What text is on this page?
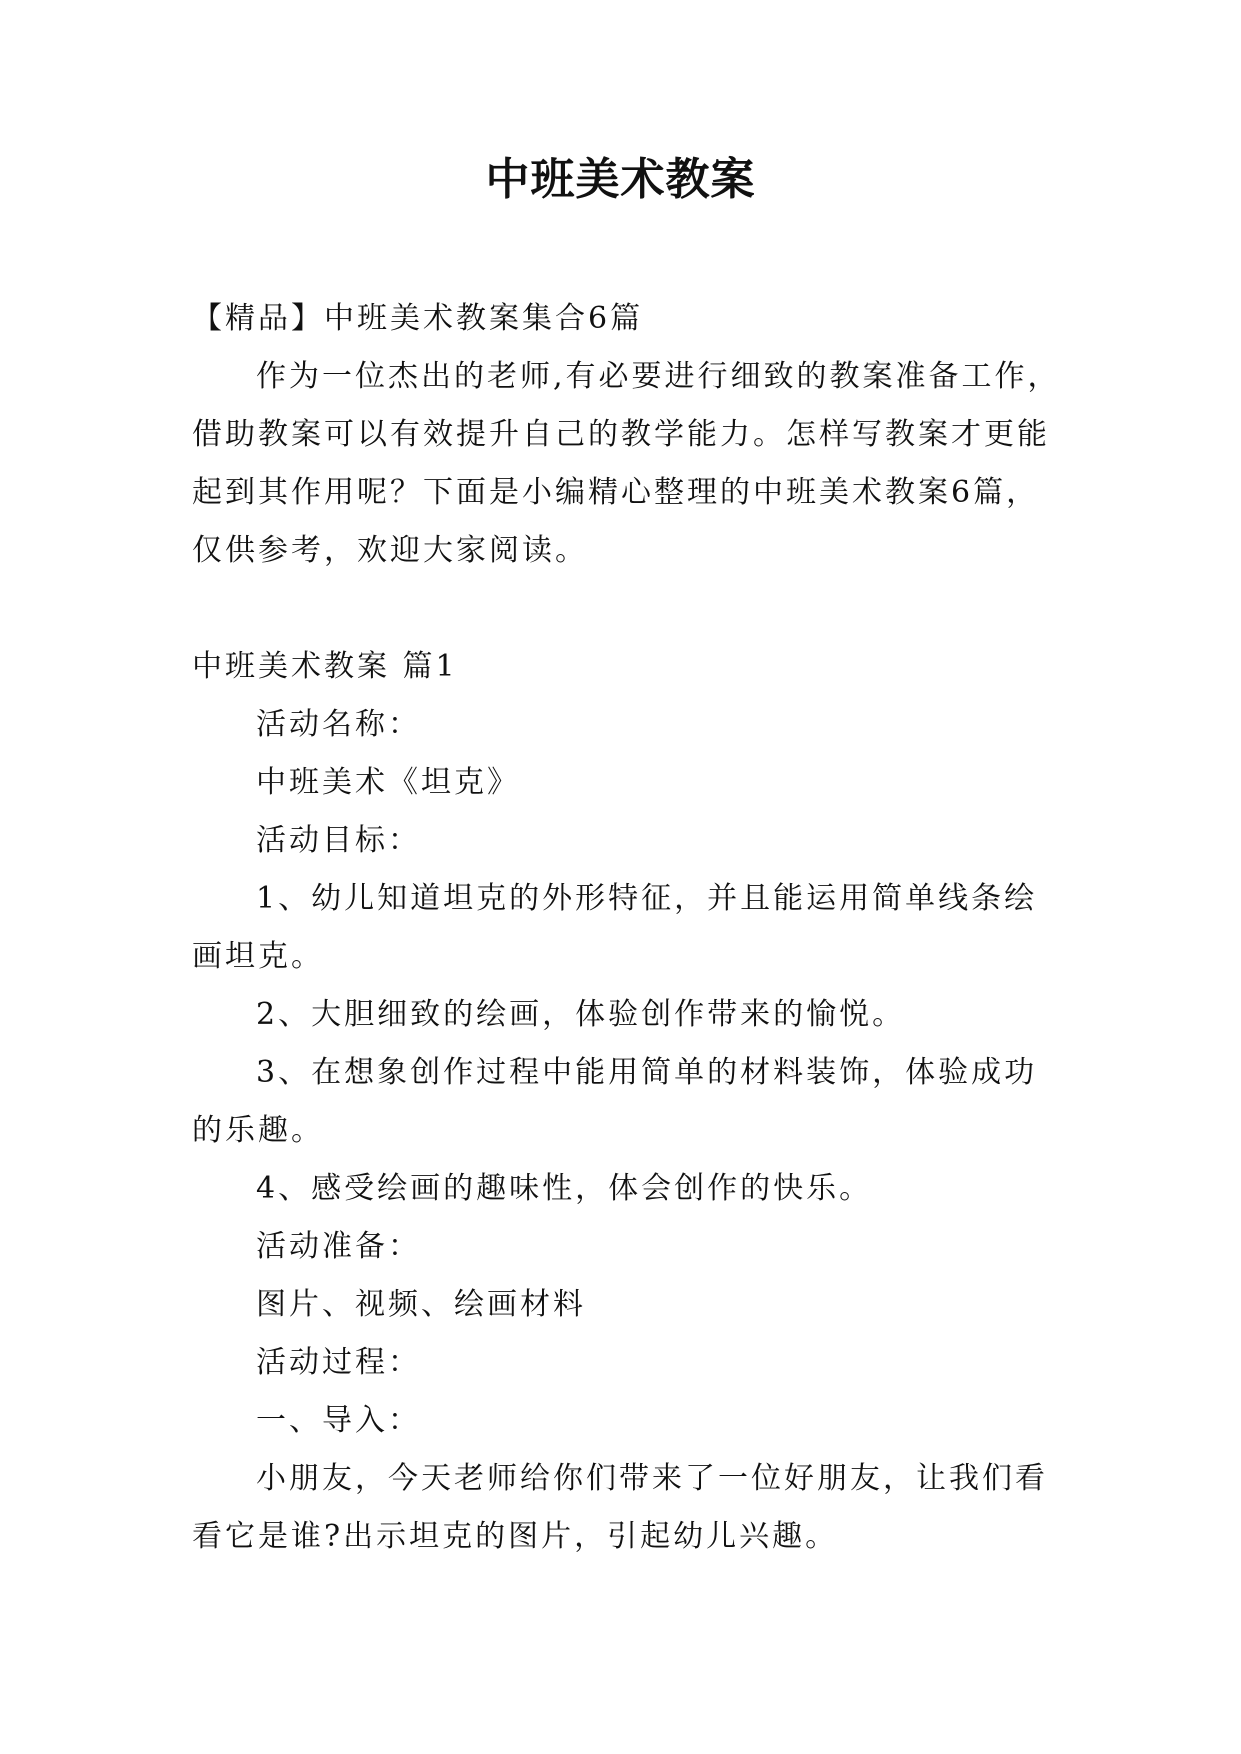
中班美术教案
【精品】中班美术教案集合6篇
作为一位杰出的老师,有必要进行细致的教案准备工作，
借助教案可以有效提升自己的教学能力。怎样写教案才更能
起到其作用呢？下面是小编精心整理的中班美术教案6篇，
仅供参考，欢迎大家阅读。
中班美术教案 篇1
活动名称：
中班美术《坦克》
活动目标：
1、幼儿知道坦克的外形特征，并且能运用简单线条绘
画坦克。
2、大胆细致的绘画，体验创作带来的愉悦。
3、在想象创作过程中能用简单的材料装饰，体验成功
的乐趣。
4、感受绘画的趣味性，体会创作的快乐。
活动准备：
图片、视频、绘画材料
活动过程：
一、导入：
小朋友，今天老师给你们带来了一位好朋友，让我们看
看它是谁?出示坦克的图片，引起幼儿兴趣。
